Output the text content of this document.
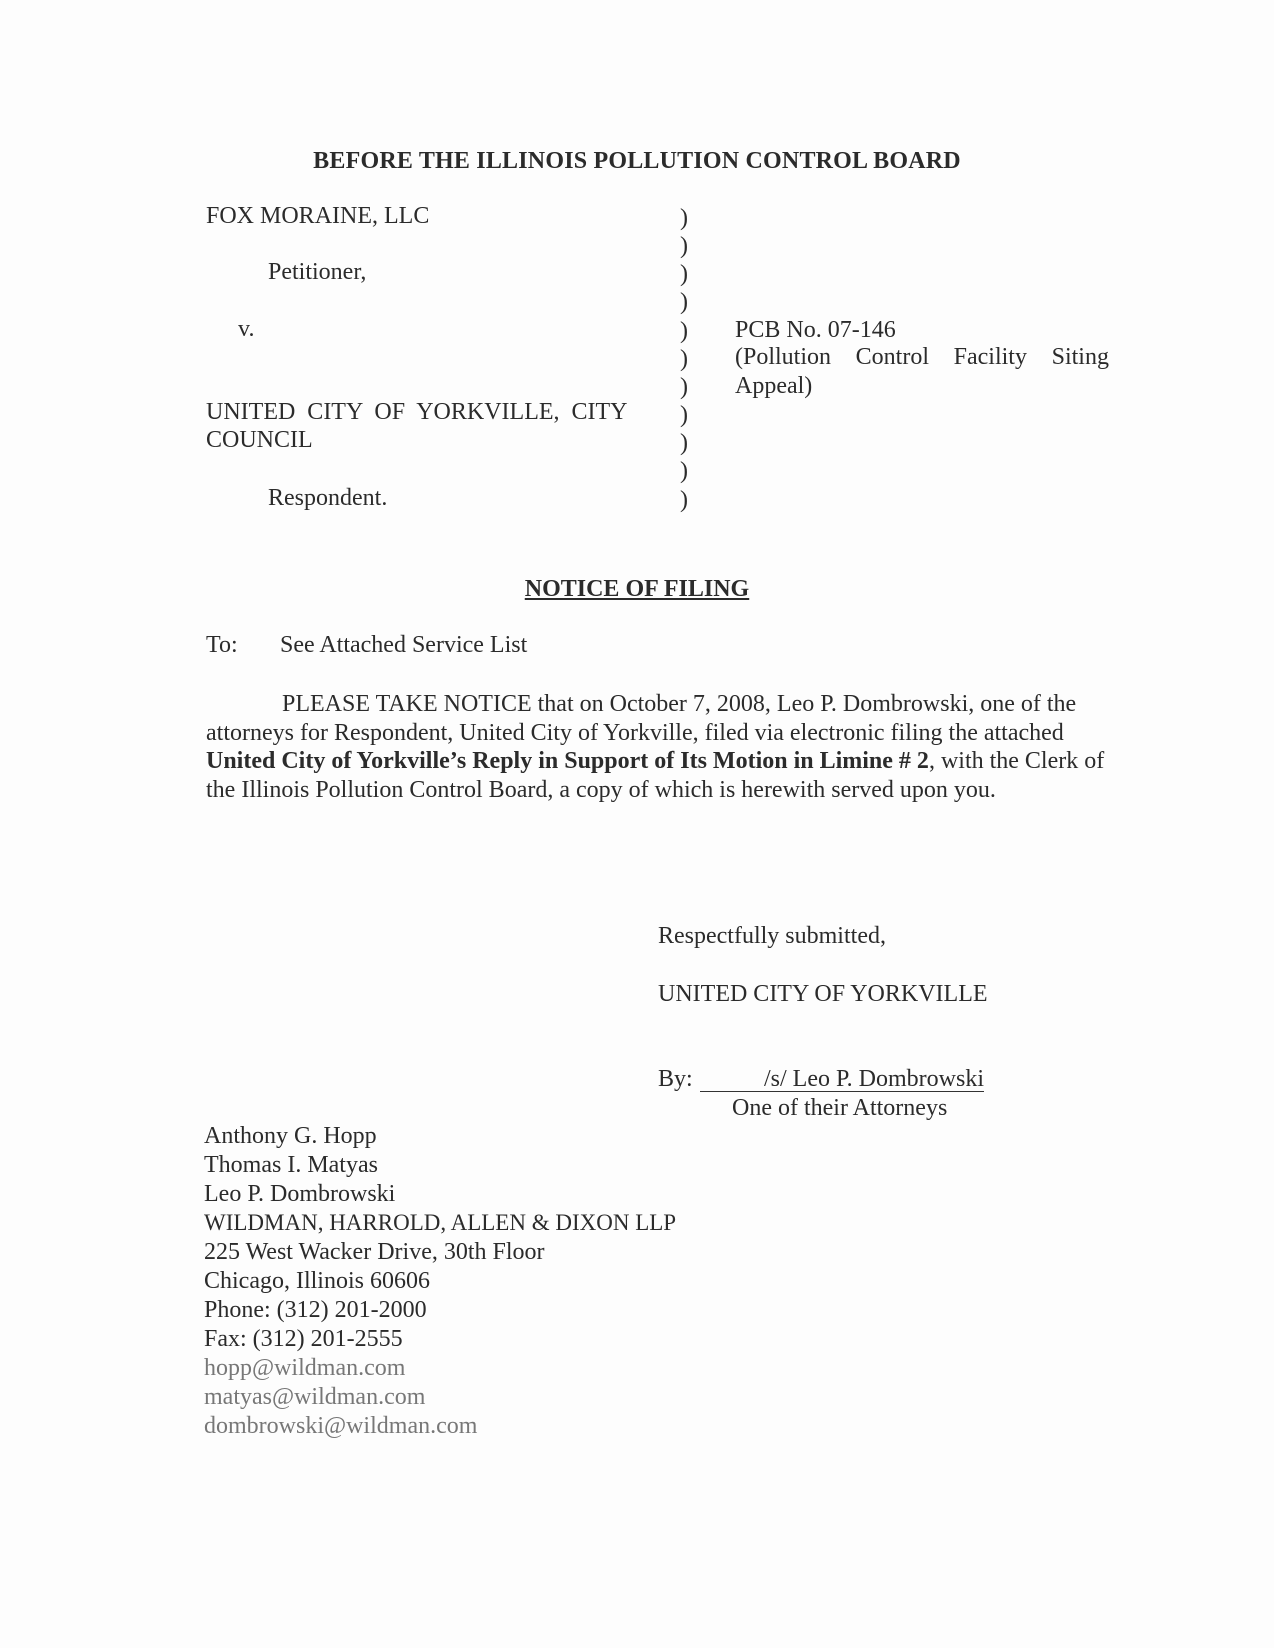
BEFORE THE ILLINOIS POLLUTION CONTROL BOARD
FOX MORAINE, LLC
Petitioner,
v.
UNITED CITY OF YORKVILLE, CITY
COUNCIL
Respondent.
)
)
)
)
)
)
)
)
)
)
)
PCB No. 07-146
(Pollution Control Facility Siting
Appeal)
NOTICE OF FILING
To: See Attached Service List
PLEASE TAKE NOTICE that on October 7, 2008, Leo P. Dombrowski, one of the attorneys for Respondent, United City of Yorkville, filed via electronic filing the attached United City of Yorkville’s Reply in Support of Its Motion in Limine # 2, with the Clerk of the Illinois Pollution Control Board, a copy of which is herewith served upon you.
Respectfully submitted,
UNITED CITY OF YORKVILLE
By:	/s/ Leo P. Dombrowski
One of their Attorneys
Anthony G. Hopp
Thomas I. Matyas
Leo P. Dombrowski
WILDMAN, HARROLD, ALLEN & DIXON LLP
225 West Wacker Drive, 30th Floor
Chicago, Illinois 60606
Phone: (312) 201-2000
Fax: (312) 201-2555
hopp@wildman.com
matyas@wildman.com
dombrowski@wildman.com
